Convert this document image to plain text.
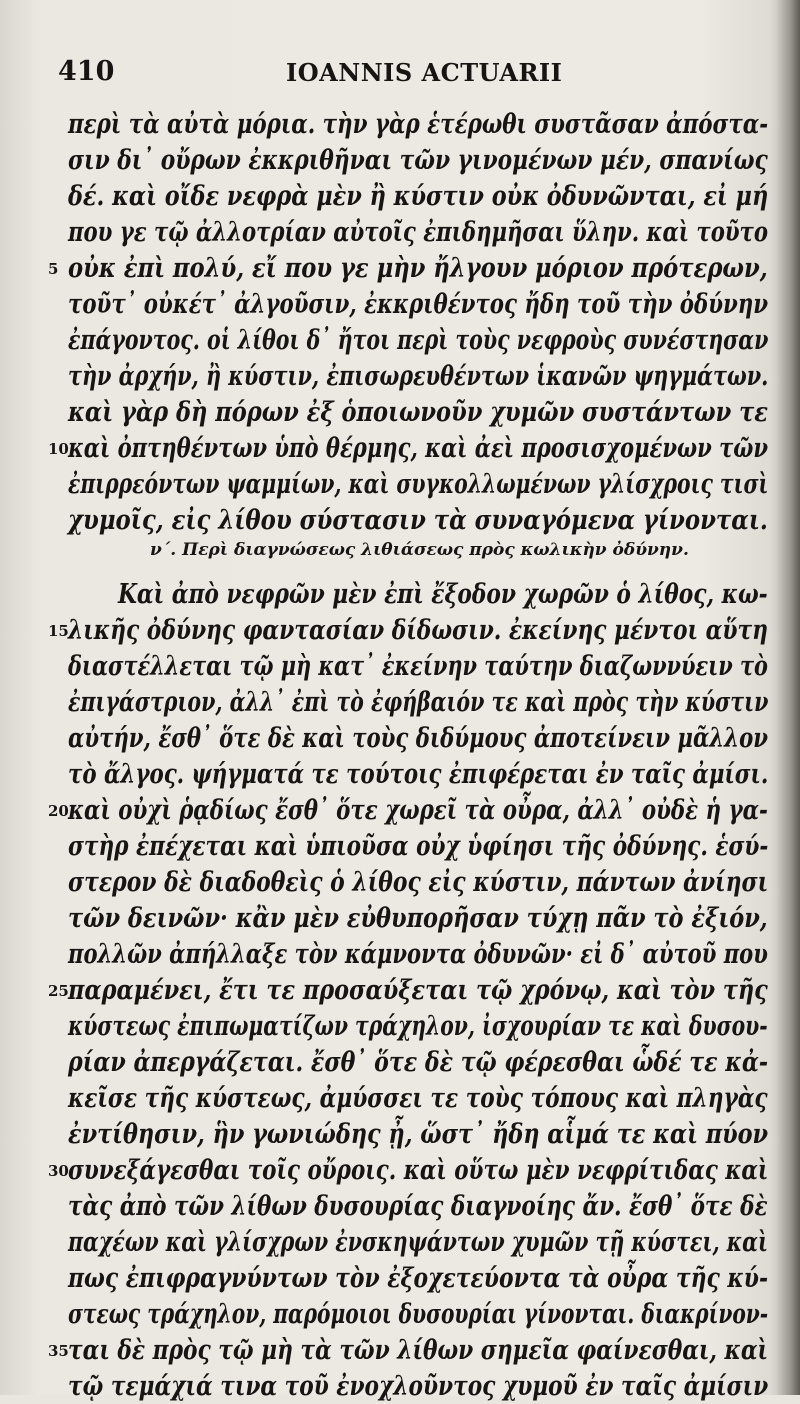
410	IOANNIS ACTUARII
περὶ τὰ αὐτὰ μόρια. τὴν γὰρ ἑτέρωθι συστᾶσαν ἀπόστα-
σιν δι᾽ οὔρων ἐκκριθῆναι τῶν γινομένων μέν, σπανίως
δέ. καὶ οἴδε νεφρὰ μὲν ἢ κύστιν οὐκ ὀδυνῶνται, εἰ μή
που γε τῷ ἀλλοτρίαν αὐτοῖς ἐπιδημῆσαι ὕλην. καὶ τοῦτο
5 οὐκ ἐπὶ πολύ, εἴ που γε μὴν ἤλγουν μόριον πρότερων,
τοῦτ᾽ οὐκέτ᾽ ἀλγοῦσιν, ἐκκριθέντος ἤδη τοῦ τὴν ὀδύνην
ἐπάγοντος. οἱ λίθοι δ᾽ ἤτοι περὶ τοὺς νεφροὺς συνέστησαν
τὴν ἀρχήν, ἢ κύστιν, ἐπισωρευθέντων ἱκανῶν ψηγμάτων.
καὶ γὰρ δὴ πόρων ἐξ ὁποιωνοῦν χυμῶν συστάντων τε
10 καὶ ὀπτηθέντων ὑπὸ θέρμης, καὶ ἀεὶ προσισχομένων τῶν
ἐπιρρεόντων ψαμμίων, καὶ συγκολλωμένων γλίσχροις τισὶ
χυμοῖς, εἰς λίθου σύστασιν τὰ συναγόμενα γίνονται.
ν΄. Περὶ διαγνώσεως λιθιάσεως πρὸς κωλικὴν ὀδύνην.
Καὶ ἀπὸ νεφρῶν μὲν ἐπὶ ἔξοδον χωρῶν ὁ λίθος, κω-
15 λικῆς ὀδύνης φαντασίαν δίδωσιν. ἐκείνης μέντοι αὕτη
διαστέλλεται τῷ μὴ κατ᾽ ἐκείνην ταύτην διαζωννύειν τὸ
ἐπιγάστριον, ἀλλ᾽ ἐπὶ τὸ ἐφήβαιόν τε καὶ πρὸς τὴν κύστιν
αὐτήν, ἔσθ᾽ ὅτε δὲ καὶ τοὺς διδύμους ἀποτείνειν μᾶλλον
τὸ ἄλγος. ψήγματά τε τούτοις ἐπιφέρεται ἐν ταῖς ἀμίσι.
20 καὶ οὐχὶ ῥᾳδίως ἔσθ᾽ ὅτε χωρεῖ τὰ οὖρα, ἀλλ᾽ οὐδὲ ἡ γα-
στὴρ ἐπέχεται καὶ ὑπιοῦσα οὐχ ὑφίησι τῆς ὀδύνης. ἑσύ-
στερον δὲ διαδοθεὶς ὁ λίθος εἰς κύστιν, πάντων ἀνίησι
τῶν δεινῶν· κἂν μὲν εὐθυπορῆσαν τύχῃ πᾶν τὸ ἐξιόν,
πολλῶν ἀπήλλαξε τὸν κάμνοντα ὀδυνῶν· εἰ δ᾽ αὐτοῦ που
25 παραμένει, ἔτι τε προσαύξεται τῷ χρόνῳ, καὶ τὸν τῆς
κύστεως ἐπιπωματίζων τράχηλον, ἰσχουρίαν τε καὶ δυσου-
ρίαν ἀπεργάζεται. ἔσθ᾽ ὅτε δὲ τῷ φέρεσθαι ὧδέ τε κἀ-
κεῖσε τῆς κύστεως, ἀμύσσει τε τοὺς τόπους καὶ πληγὰς
ἐντίθησιν, ἣν γωνιώδης ᾖ, ὥστ᾽ ἤδη αἷμά τε καὶ πύον
30 συνεξάγεσθαι τοῖς οὔροις. καὶ οὕτω μὲν νεφρίτιδας καὶ
τὰς ἀπὸ τῶν λίθων δυσουρίας διαγνοίης ἄν. ἔσθ᾽ ὅτε δὲ
παχέων καὶ γλίσχρων ἐνσκηψάντων χυμῶν τῇ κύστει, καὶ
πως ἐπιφραγνύντων τὸν ἐξοχετεύοντα τὰ οὖρα τῆς κύ-
στεως τράχηλον, παρόμοιοι δυσουρίαι γίνονται. διακρίνον-
35 ται δὲ πρὸς τῷ μὴ τὰ τῶν λίθων σημεῖα φαίνεσθαι, καὶ
τῷ τεμάχιά τινα τοῦ ἐνοχλοῦντος χυμοῦ ἐν ταῖς ἀμίσιν
